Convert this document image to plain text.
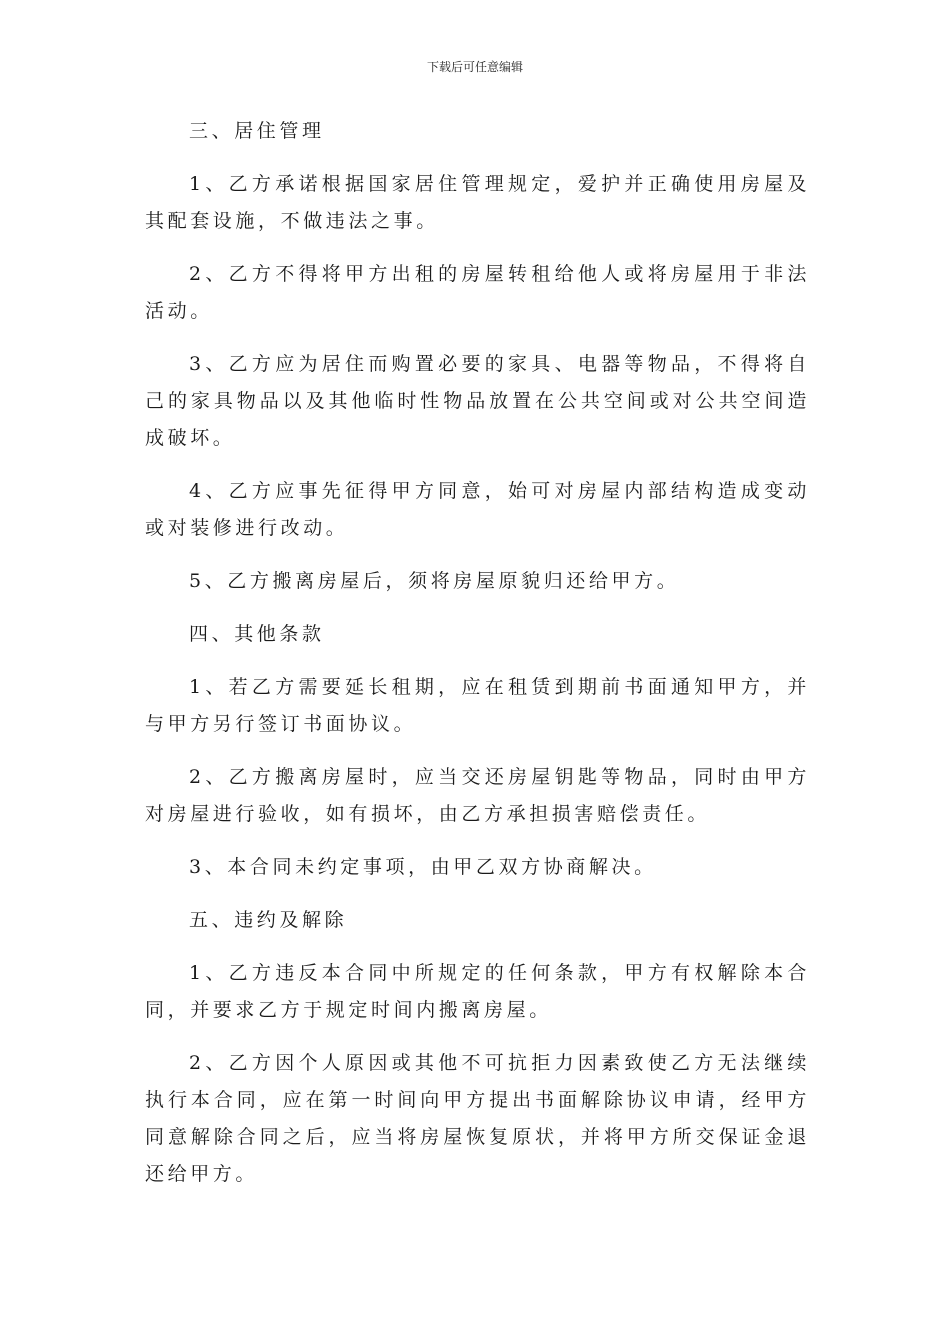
下载后可任意编辑

三、居住管理

1、乙方承诺根据国家居住管理规定，爱护并正确使用房屋及其配套设施，不做违法之事。

2、乙方不得将甲方出租的房屋转租给他人或将房屋用于非法活动。

3、乙方应为居住而购置必要的家具、电器等物品，不得将自己的家具物品以及其他临时性物品放置在公共空间或对公共空间造成破坏。

4、乙方应事先征得甲方同意，始可对房屋内部结构造成变动或对装修进行改动。

5、乙方搬离房屋后，须将房屋原貌归还给甲方。

四、其他条款

1、若乙方需要延长租期，应在租赁到期前书面通知甲方，并与甲方另行签订书面协议。

2、乙方搬离房屋时，应当交还房屋钥匙等物品，同时由甲方对房屋进行验收，如有损坏，由乙方承担损害赔偿责任。

3、本合同未约定事项，由甲乙双方协商解决。

五、违约及解除

1、乙方违反本合同中所规定的任何条款，甲方有权解除本合同，并要求乙方于规定时间内搬离房屋。

2、乙方因个人原因或其他不可抗拒力因素致使乙方无法继续执行本合同，应在第一时间向甲方提出书面解除协议申请，经甲方同意解除合同之后，应当将房屋恢复原状，并将甲方所交保证金退还给甲方。
